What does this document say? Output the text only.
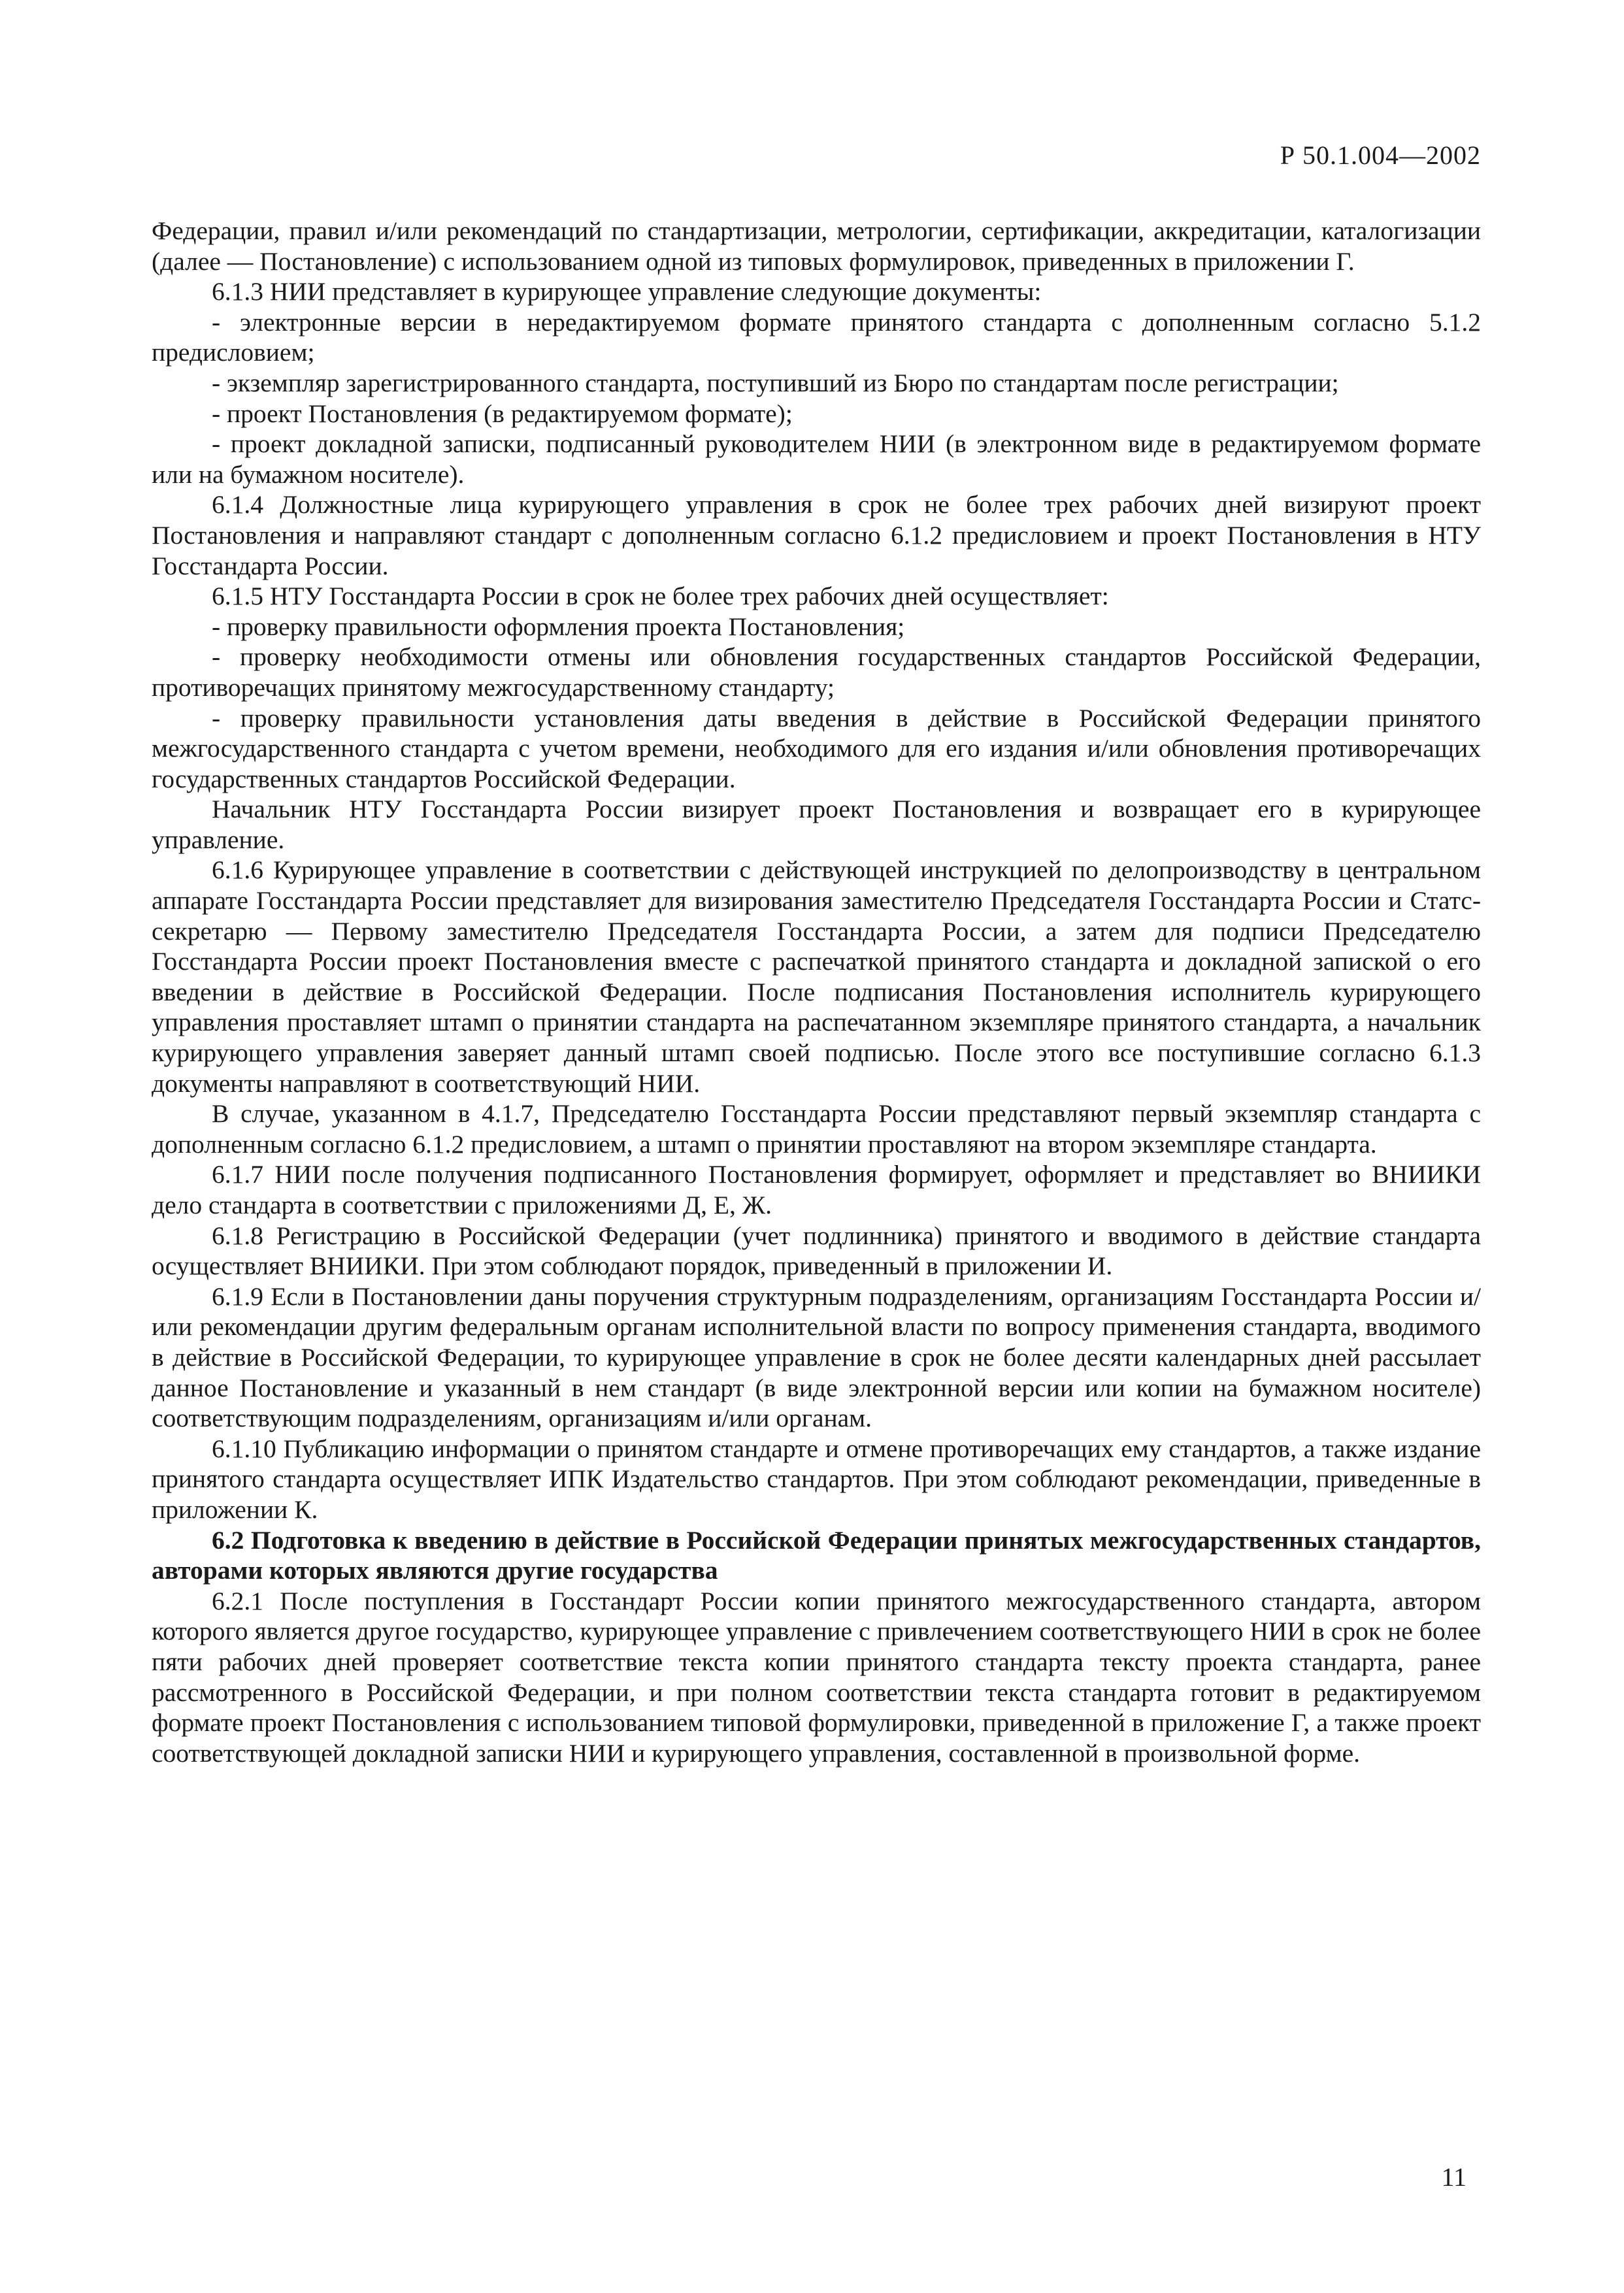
Р 50.1.004—2002

Федерации, правил и/или рекомендаций по стандартизации, метрологии, сертификации, аккредитации, каталогизации (далее — Постановление) с использованием одной из типовых формулировок, приведенных в приложении Г.

6.1.3 НИИ представляет в курирующее управление следующие документы:

- электронные версии в нередактируемом формате принятого стандарта с дополненным согласно 5.1.2 предисловием;

- экземпляр зарегистрированного стандарта, поступивший из Бюро по стандартам после регистрации;

- проект Постановления (в редактируемом формате);

- проект докладной записки, подписанный руководителем НИИ (в электронном виде в редактируемом формате или на бумажном носителе).

6.1.4 Должностные лица курирующего управления в срок не более трех рабочих дней визируют проект Постановления и направляют стандарт с дополненным согласно 6.1.2 предисловием и проект Постановления в НТУ Госстандарта России.

6.1.5 НТУ Госстандарта России в срок не более трех рабочих дней осуществляет:

- проверку правильности оформления проекта Постановления;

- проверку необходимости отмены или обновления государственных стандартов Российской Федерации, противоречащих принятому межгосударственному стандарту;

- проверку правильности установления даты введения в действие в Российской Федерации принятого межгосударственного стандарта с учетом времени, необходимого для его издания и/или обновления противоречащих государственных стандартов Российской Федерации.

Начальник НТУ Госстандарта России визирует проект Постановления и возвращает его в курирующее управление.

6.1.6 Курирующее управление в соответствии с действующей инструкцией по делопроизводству в центральном аппарате Госстандарта России представляет для визирования заместителю Председателя Госстандарта России и Статс-секретарю — Первому заместителю Председателя Госстандарта России, а затем для подписи Председателю Госстандарта России проект Постановления вместе с распечаткой принятого стандарта и докладной запиской о его введении в действие в Российской Федерации. После подписания Постановления исполнитель курирующего управления проставляет штамп о принятии стандарта на распечатанном экземпляре принятого стандарта, а начальник курирующего управления заверяет данный штамп своей подписью. После этого все поступившие согласно 6.1.3 документы направляют в соответствующий НИИ.

В случае, указанном в 4.1.7, Председателю Госстандарта России представляют первый экземпляр стандарта с дополненным согласно 6.1.2 предисловием, а штамп о принятии проставляют на втором экземпляре стандарта.

6.1.7 НИИ после получения подписанного Постановления формирует, оформляет и представляет во ВНИИКИ дело стандарта в соответствии с приложениями Д, Е, Ж.

6.1.8 Регистрацию в Российской Федерации (учет подлинника) принятого и вводимого в действие стандарта осуществляет ВНИИКИ. При этом соблюдают порядок, приведенный в приложении И.

6.1.9 Если в Постановлении даны поручения структурным подразделениям, организациям Госстандарта России и/или рекомендации другим федеральным органам исполнительной власти по вопросу применения стандарта, вводимого в действие в Российской Федерации, то курирующее управление в срок не более десяти календарных дней рассылает данное Постановление и указанный в нем стандарт (в виде электронной версии или копии на бумажном носителе) соответствующим подразделениям, организациям и/или органам.

6.1.10 Публикацию информации о принятом стандарте и отмене противоречащих ему стандартов, а также издание принятого стандарта осуществляет ИПК Издательство стандартов. При этом соблюдают рекомендации, приведенные в приложении К.

6.2 Подготовка к введению в действие в Российской Федерации принятых межгосударственных стандартов, авторами которых являются другие государства

6.2.1 После поступления в Госстандарт России копии принятого межгосударственного стандарта, автором которого является другое государство, курирующее управление с привлечением соответствующего НИИ в срок не более пяти рабочих дней проверяет соответствие текста копии принятого стандарта тексту проекта стандарта, ранее рассмотренного в Российской Федерации, и при полном соответствии текста стандарта готовит в редактируемом формате проект Постановления с использованием типовой формулировки, приведенной в приложение Г, а также проект соответствующей докладной записки НИИ и курирующего управления, составленной в произвольной форме.

11
